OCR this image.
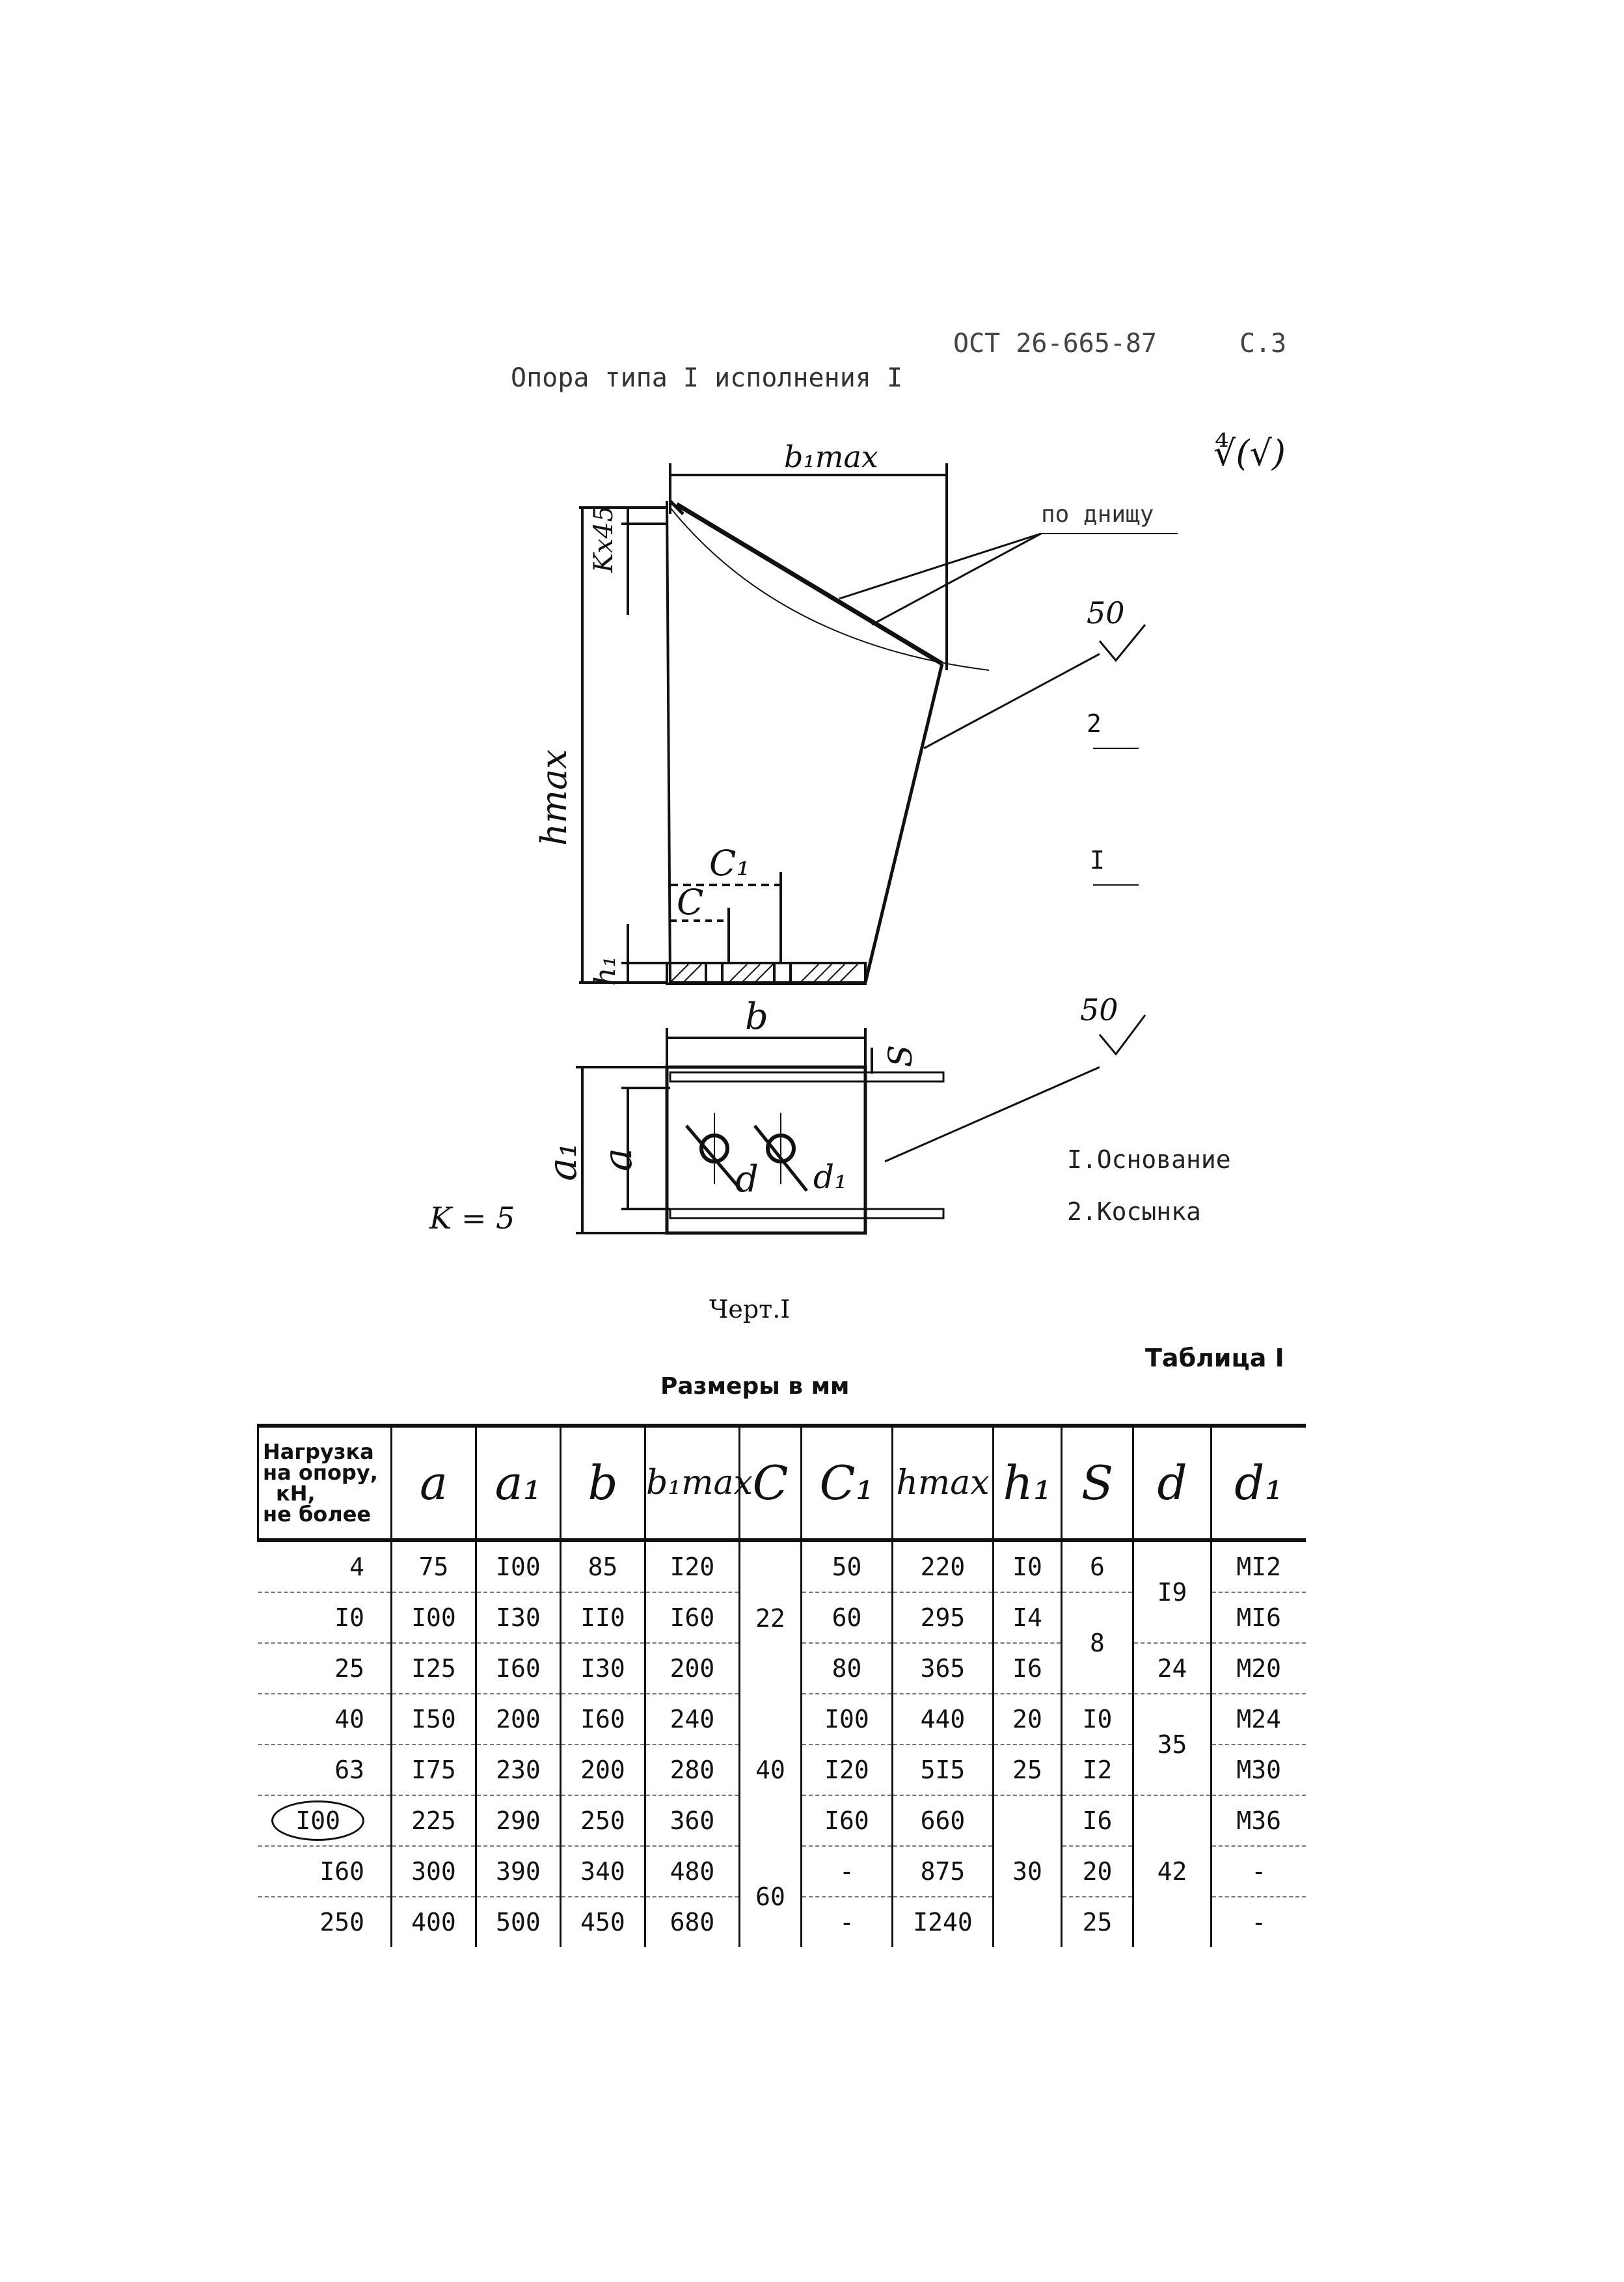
ОСТ 26-665-87	С.3
Опора типа I исполнения I
b₁max	∜(√)
Kx45
hmax
C₁
C
h₁
b
S
a₁ a	d d₁
K = 5
по днищу
50
2
I
50
I.Основание
2.Косынка
Черт.I
Таблица I
Размеры в мм
Нагрузка
на опору,
кН,
не более	a	a₁	b	b₁max	C	C₁	hmax	h₁	S	d	d₁
4	75	I00	85	I20	22	50	220	I0	6	I9	MI2
I0	I00	I30	II0	I60		60	295	I4	8		MI6
25	I25	I60	I30	200		80	365	I6		24	M20
40	I50	200	I60	240	40	I00	440	20	I0	35	M24
63	I75	230	200	280		I20	5I5	25	I2		M30
I00	225	290	250	360		I60	660	30	I6	42	M36
I60	300	390	340	480	60	-	875		20		-
250	400	500	450	680		-	I240		25		-
